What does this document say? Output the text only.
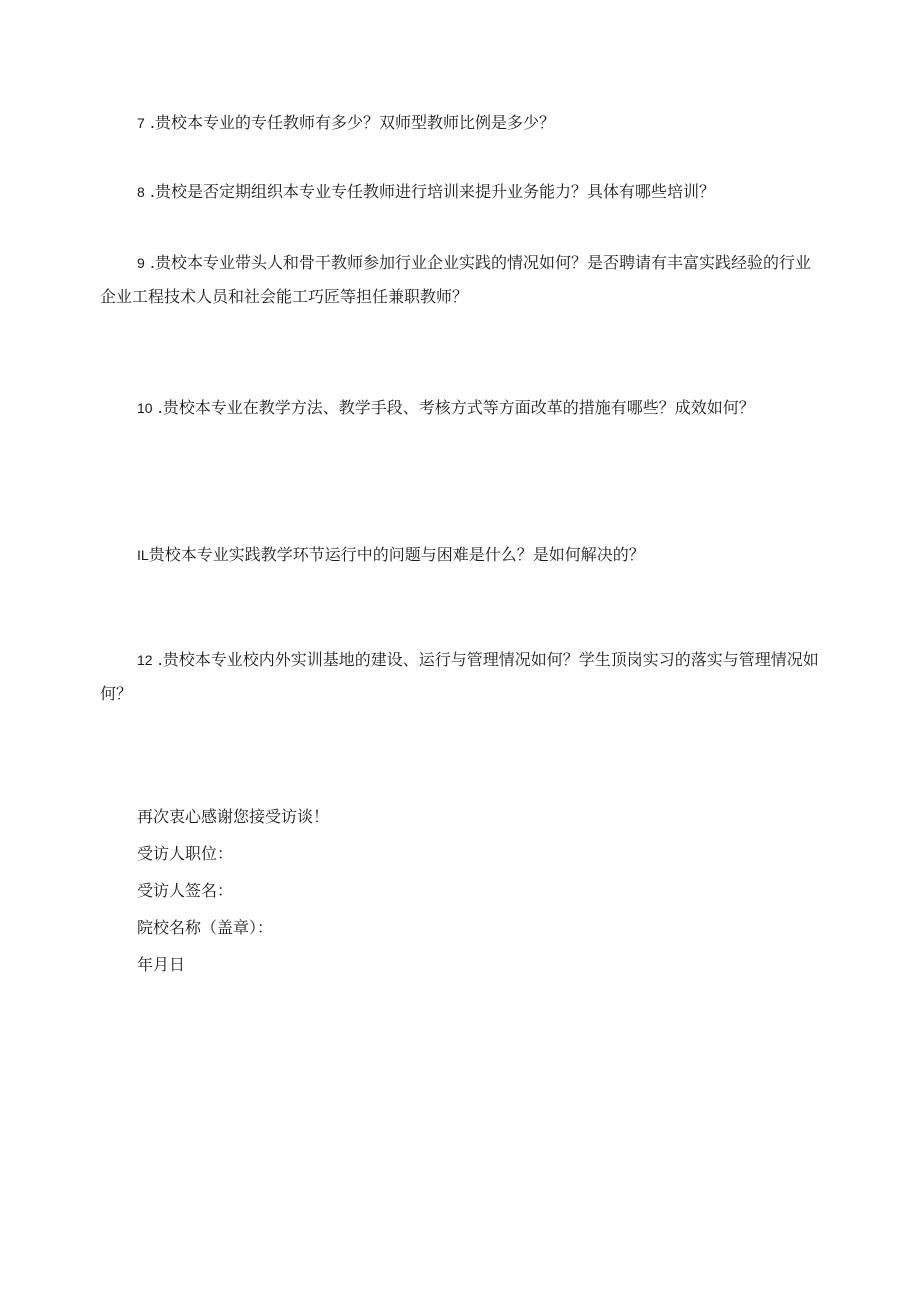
7 .贵校本专业的专任教师有多少？双师型教师比例是多少？

8 .贵校是否定期组织本专业专任教师进行培训来提升业务能力？具体有哪些培训？

9 .贵校本专业带头人和骨干教师参加行业企业实践的情况如何？是否聘请有丰富实践经验的行业企业工程技术人员和社会能工巧匠等担任兼职教师？

10 .贵校本专业在教学方法、教学手段、考核方式等方面改革的措施有哪些？成效如何？

IL贵校本专业实践教学环节运行中的问题与困难是什么？是如何解决的？

12 .贵校本专业校内外实训基地的建设、运行与管理情况如何？学生顶岗实习的落实与管理情况如何？

再次衷心感谢您接受访谈！
受访人职位：
受访人签名：
院校名称（盖章）：
年月日
